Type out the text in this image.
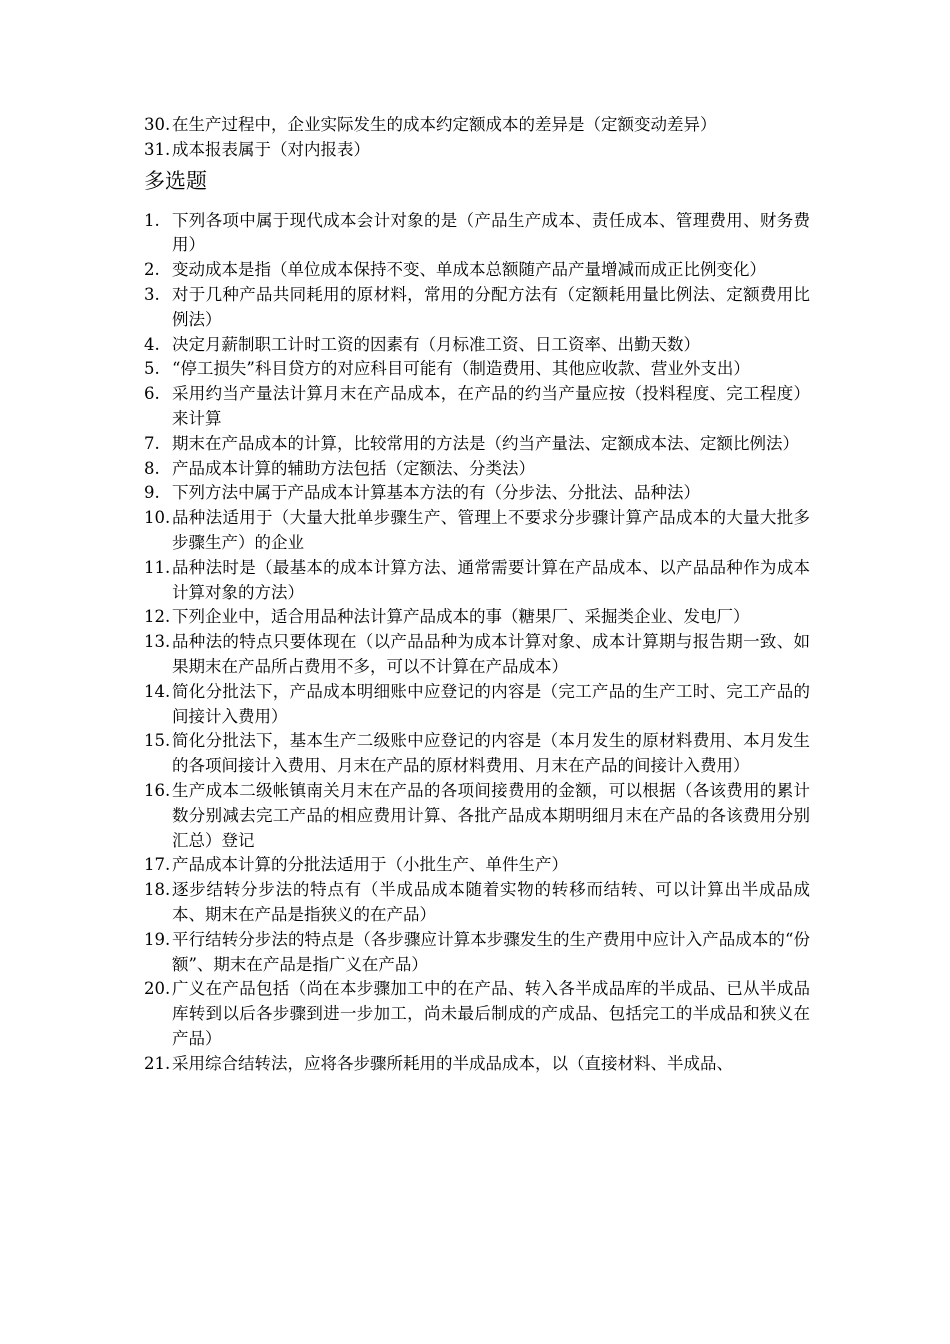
30. 在生产过程中，企业实际发生的成本约定额成本的差异是（定额变动差异）
31. 成本报表属于（对内报表）
多选题
1. 下列各项中属于现代成本会计对象的是（产品生产成本、责任成本、管理费用、财务费用）
2. 变动成本是指（单位成本保持不变、单成本总额随产品产量增减而成正比例变化）
3. 对于几种产品共同耗用的原材料，常用的分配方法有（定额耗用量比例法、定额费用比例法）
4. 决定月薪制职工计时工资的因素有（月标准工资、日工资率、出勤天数）
5. “停工损失”科目贷方的对应科目可能有（制造费用、其他应收款、营业外支出）
6. 采用约当产量法计算月末在产品成本，在产品的约当产量应按（投料程度、完工程度）来计算
7. 期末在产品成本的计算，比较常用的方法是（约当产量法、定额成本法、定额比例法）
8. 产品成本计算的辅助方法包括（定额法、分类法）
9. 下列方法中属于产品成本计算基本方法的有（分步法、分批法、品种法）
10. 品种法适用于（大量大批单步骤生产、管理上不要求分步骤计算产品成本的大量大批多步骤生产）的企业
11. 品种法时是（最基本的成本计算方法、通常需要计算在产品成本、以产品品种作为成本计算对象的方法）
12. 下列企业中，适合用品种法计算产品成本的事（糖果厂、采掘类企业、发电厂）
13. 品种法的特点只要体现在（以产品品种为成本计算对象、成本计算期与报告期一致、如果期末在产品所占费用不多，可以不计算在产品成本）
14. 简化分批法下，产品成本明细账中应登记的内容是（完工产品的生产工时、完工产品的间接计入费用）
15. 简化分批法下，基本生产二级账中应登记的内容是（本月发生的原材料费用、本月发生的各项间接计入费用、月末在产品的原材料费用、月末在产品的间接计入费用）
16. 生产成本二级帐镇南关月末在产品的各项间接费用的金额，可以根据（各该费用的累计数分别减去完工产品的相应费用计算、各批产品成本期明细月末在产品的各该费用分别汇总）登记
17. 产品成本计算的分批法适用于（小批生产、单件生产）
18. 逐步结转分步法的特点有（半成品成本随着实物的转移而结转、可以计算出半成品成本、期末在产品是指狭义的在产品）
19. 平行结转分步法的特点是（各步骤应计算本步骤发生的生产费用中应计入产品成本的“份额”、期末在产品是指广义在产品）
20. 广义在产品包括（尚在本步骤加工中的在产品、转入各半成品库的半成品、已从半成品库转到以后各步骤到进一步加工，尚未最后制成的产成品、包括完工的半成品和狭义在产品）
21. 采用综合结转法，应将各步骤所耗用的半成品成本，以（直接材料、半成品、
